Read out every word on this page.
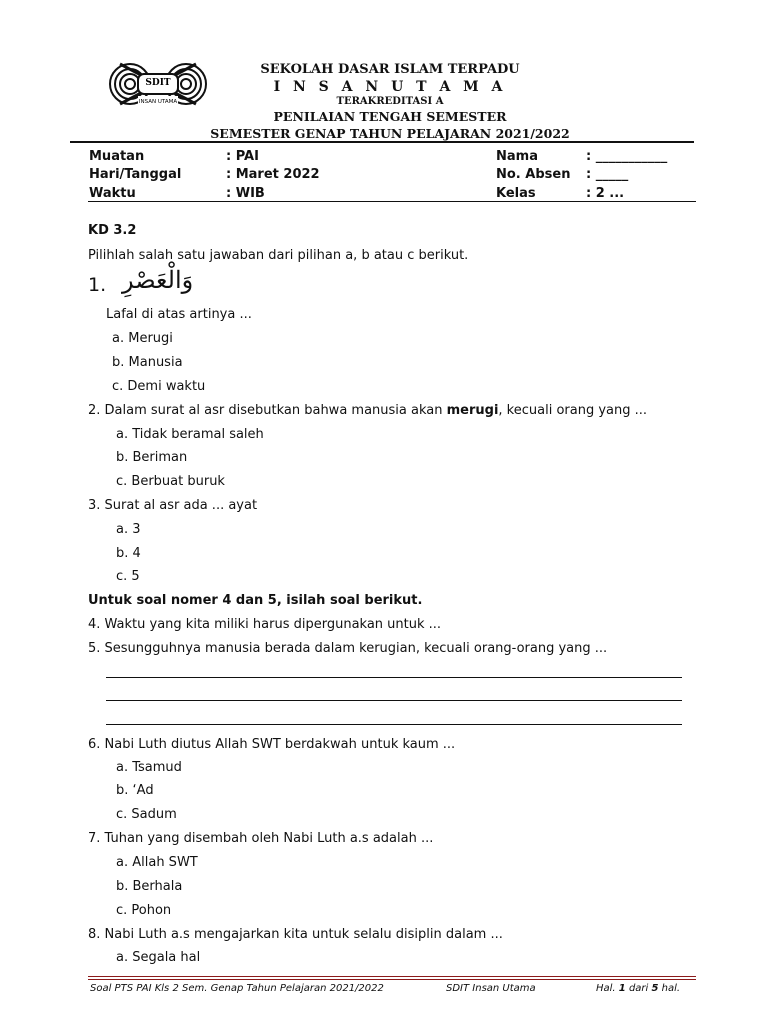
SDIT
INSAN UTAMA
SEKOLAH DASAR ISLAM TERPADU
I N S A N U T A M A
TERAKREDITASI A
PENILAIAN TENGAH SEMESTER
SEMESTER GENAP TAHUN PELAJARAN 2021/2022
Muatan	: PAI	Nama	: ___________
Hari/Tanggal	: Maret 2022	No. Absen : _____
Waktu	: WIB	Kelas	: 2 ...
KD 3.2
Pilihlah salah satu jawaban dari pilihan a, b atau c berikut.
1. وَالْعَصْرِ
Lafal di atas artinya ...
a. Merugi
b. Manusia
c. Demi waktu
2. Dalam surat al asr disebutkan bahwa manusia akan merugi, kecuali orang yang ...
a. Tidak beramal saleh
b. Beriman
c. Berbuat buruk
3. Surat al asr ada ... ayat
a. 3
b. 4
c. 5
Untuk soal nomer 4 dan 5, isilah soal berikut.
4. Waktu yang kita miliki harus dipergunakan untuk ...
5. Sesungguhnya manusia berada dalam kerugian, kecuali orang-orang yang ...
6. Nabi Luth diutus Allah SWT berdakwah untuk kaum ...
a. Tsamud
b. ‘Ad
c. Sadum
7. Tuhan yang disembah oleh Nabi Luth a.s adalah ...
a. Allah SWT
b. Berhala
c. Pohon
8. Nabi Luth a.s mengajarkan kita untuk selalu disiplin dalam ...
a. Segala hal
Soal PTS PAI Kls 2 Sem. Genap Tahun Pelajaran 2021/2022	SDIT Insan Utama	Hal. 1 dari 5 hal.
